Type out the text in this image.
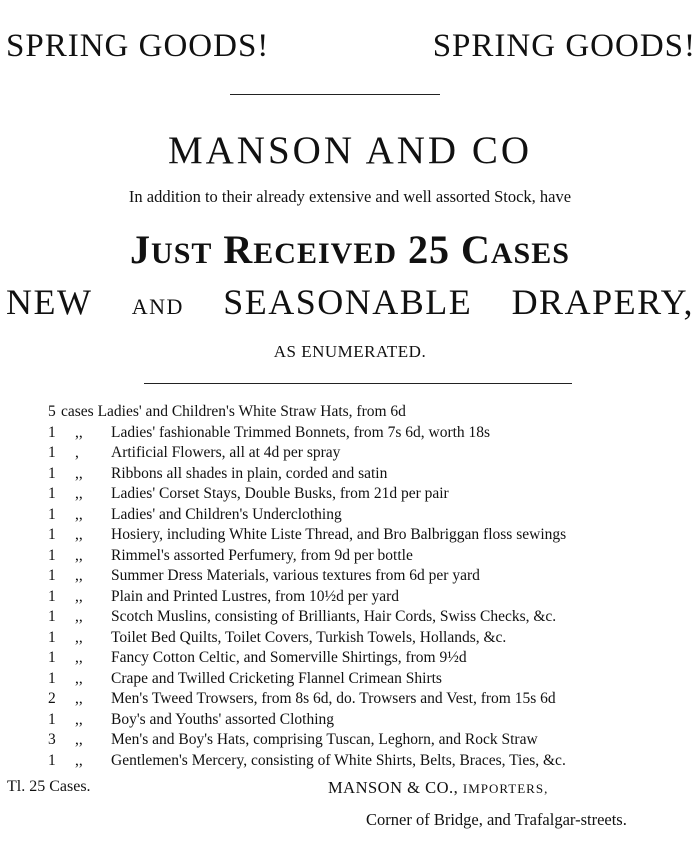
SPRING GOODS!	SPRING GOODS!
MANSON AND CO
In addition to their already extensive and well assorted Stock, have
JUST RECEIVED 25 CASES
NEW AND SEASONABLE DRAPERY,
AS ENUMERATED.
5 cases Ladies' and Children's White Straw Hats, from 6d
1 ,,	Ladies' fashionable Trimmed Bonnets, from 7s 6d, worth 18s
1 ,	Artificial Flowers, all at 4d per spray
1 ,,	Ribbons all shades in plain, corded and satin
1 ,,	Ladies' Corset Stays, Double Busks, from 21d per pair
1 ,,	Ladies' and Children's Underclothing
1 ,,	Hosiery, including White Liste Thread, and Bro Balbriggan floss sewings
1 ,,	Rimmel's assorted Perfumery, from 9d per bottle
1 ,,	Summer Dress Materials, various textures from 6d per yard
1 ,,	Plain and Printed Lustres, from 10½d per yard
1 ,,	Scotch Muslins, consisting of Brilliants, Hair Cords, Swiss Checks, &c.
1 ,,	Toilet Bed Quilts, Toilet Covers, Turkish Towels, Hollands, &c.
1 ,,	Fancy Cotton Celtic, and Somerville Shirtings, from 9½d
1 ,,	Crape and Twilled Cricketing Flannel Crimean Shirts
2 ,,	Men's Tweed Trowsers, from 8s 6d, do. Trowsers and Vest, from 15s 6d
1 ,,	Boy's and Youths' assorted Clothing
3 ,,	Men's and Boy's Hats, comprising Tuscan, Leghorn, and Rock Straw
1 ,,	Gentlemen's Mercery, consisting of White Shirts, Belts, Braces, Ties, &c.
Tl. 25 Cases.	MANSON & CO., IMPORTERS,
Corner of Bridge, and Trafalgar-streets.
